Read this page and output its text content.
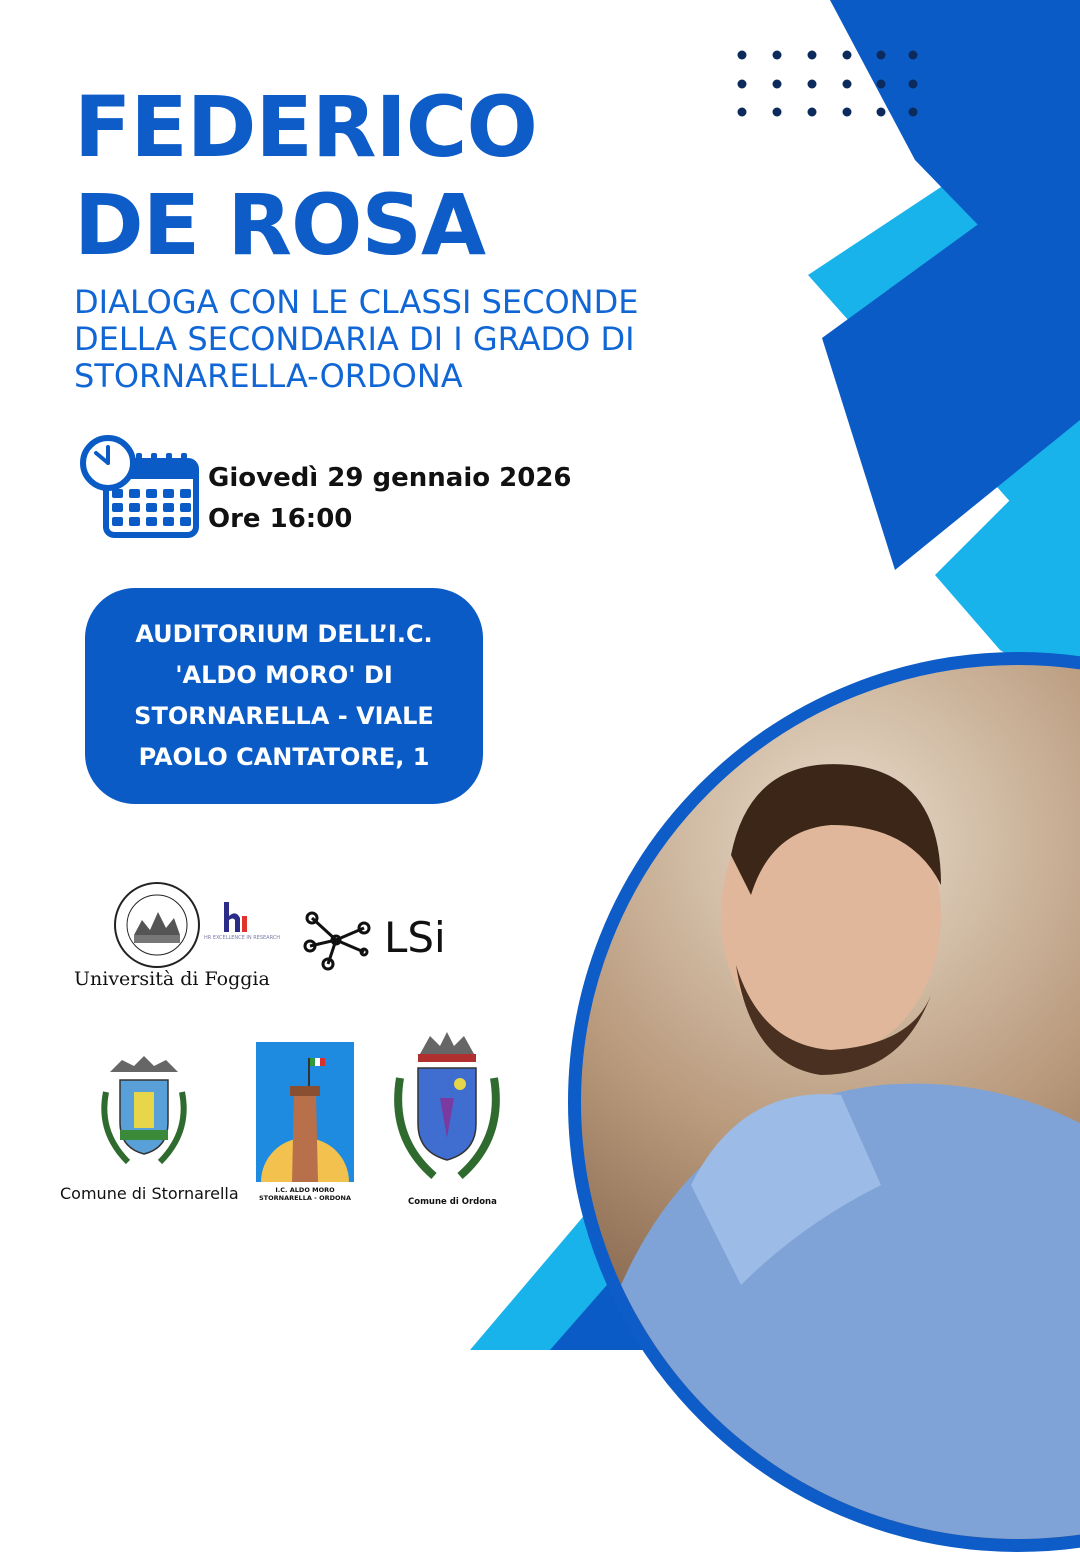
FEDERICO
DE ROSA

DIALOGA CON LE CLASSI SECONDE
DELLA SECONDARIA DI I GRADO DI
STORNARELLA-ORDONA

Giovedì 29 gennaio 2026
Ore 16:00
AUDITORIUM DELL’I.C.
'ALDO MORO' DI
STORNARELLA - VIALE
PAOLO CANTATORE, 1
Università di Foggia
HR EXCELLENCE IN RESEARCH LSi
Comune di Stornarella	I.C. ALDO MORO
STORNARELLA - ORDONA	Comune di Ordona
